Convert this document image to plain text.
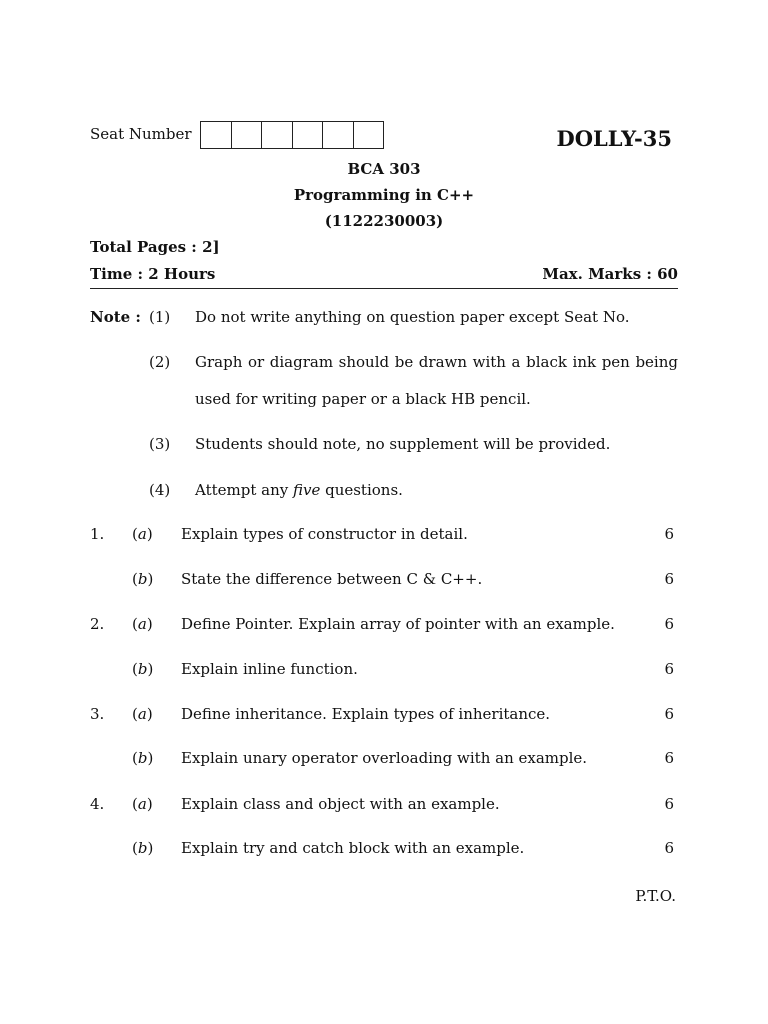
Seat Number	DOLLY-35
BCA 303
Programming in C++
(1122230003)
Total Pages : 2]
Time : 2 Hours	Max. Marks : 60
Note : (1) Do not write anything on question paper except Seat No.
(2) Graph or diagram should be drawn with a black ink pen being
used for writing paper or a black HB pencil.
(3) Students should note, no supplement will be provided.
(4) Attempt any five questions.
1. (a) Explain types of constructor in detail.	6
(b) State the difference between C & C++.	6
2. (a) Define Pointer. Explain array of pointer with an example.	6
(b) Explain inline function.	6
3. (a) Define inheritance. Explain types of inheritance.	6
(b) Explain unary operator overloading with an example.	6
4. (a) Explain class and object with an example.	6
(b) Explain try and catch block with an example.	6
P.T.O.
